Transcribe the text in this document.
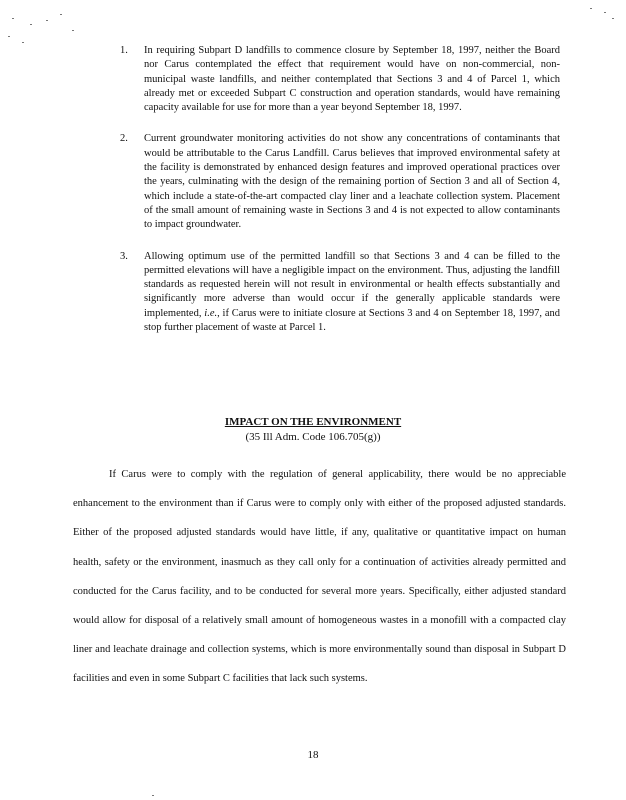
1.	In requiring Subpart D landfills to commence closure by September 18, 1997, neither the Board nor Carus contemplated the effect that requirement would have on non-commercial, non-municipal waste landfills, and neither contemplated that Sections 3 and 4 of Parcel 1, which already met or exceeded Subpart C construction and operation standards, would have remaining capacity available for use for more than a year beyond September 18, 1997.
2.	Current groundwater monitoring activities do not show any concentrations of contaminants that would be attributable to the Carus Landfill. Carus believes that improved environmental safety at the facility is demonstrated by enhanced design features and improved operational practices over the years, culminating with the design of the remaining portion of Section 3 and all of Section 4, which include a state-of-the-art compacted clay liner and a leachate collection system. Placement of the small amount of remaining waste in Sections 3 and 4 is not expected to allow contaminants to impact groundwater.
3.	Allowing optimum use of the permitted landfill so that Sections 3 and 4 can be filled to the permitted elevations will have a negligible impact on the environment. Thus, adjusting the landfill standards as requested herein will not result in environmental or health effects substantially and significantly more adverse than would occur if the generally applicable standards were implemented, i.e., if Carus were to initiate closure at Sections 3 and 4 on September 18, 1997, and stop further placement of waste at Parcel 1.
IMPACT ON THE ENVIRONMENT
(35 Ill Adm. Code 106.705(g))
If Carus were to comply with the regulation of general applicability, there would be no appreciable enhancement to the environment than if Carus were to comply only with either of the proposed adjusted standards. Either of the proposed adjusted standards would have little, if any, qualitative or quantitative impact on human health, safety or the environment, inasmuch as they call only for a continuation of activities already permitted and conducted for the Carus facility, and to be conducted for several more years. Specifically, either adjusted standard would allow for disposal of a relatively small amount of homogeneous wastes in a monofill with a compacted clay liner and leachate drainage and collection systems, which is more environmentally sound than disposal in Subpart D facilities and even in some Subpart C facilities that lack such systems.
18
